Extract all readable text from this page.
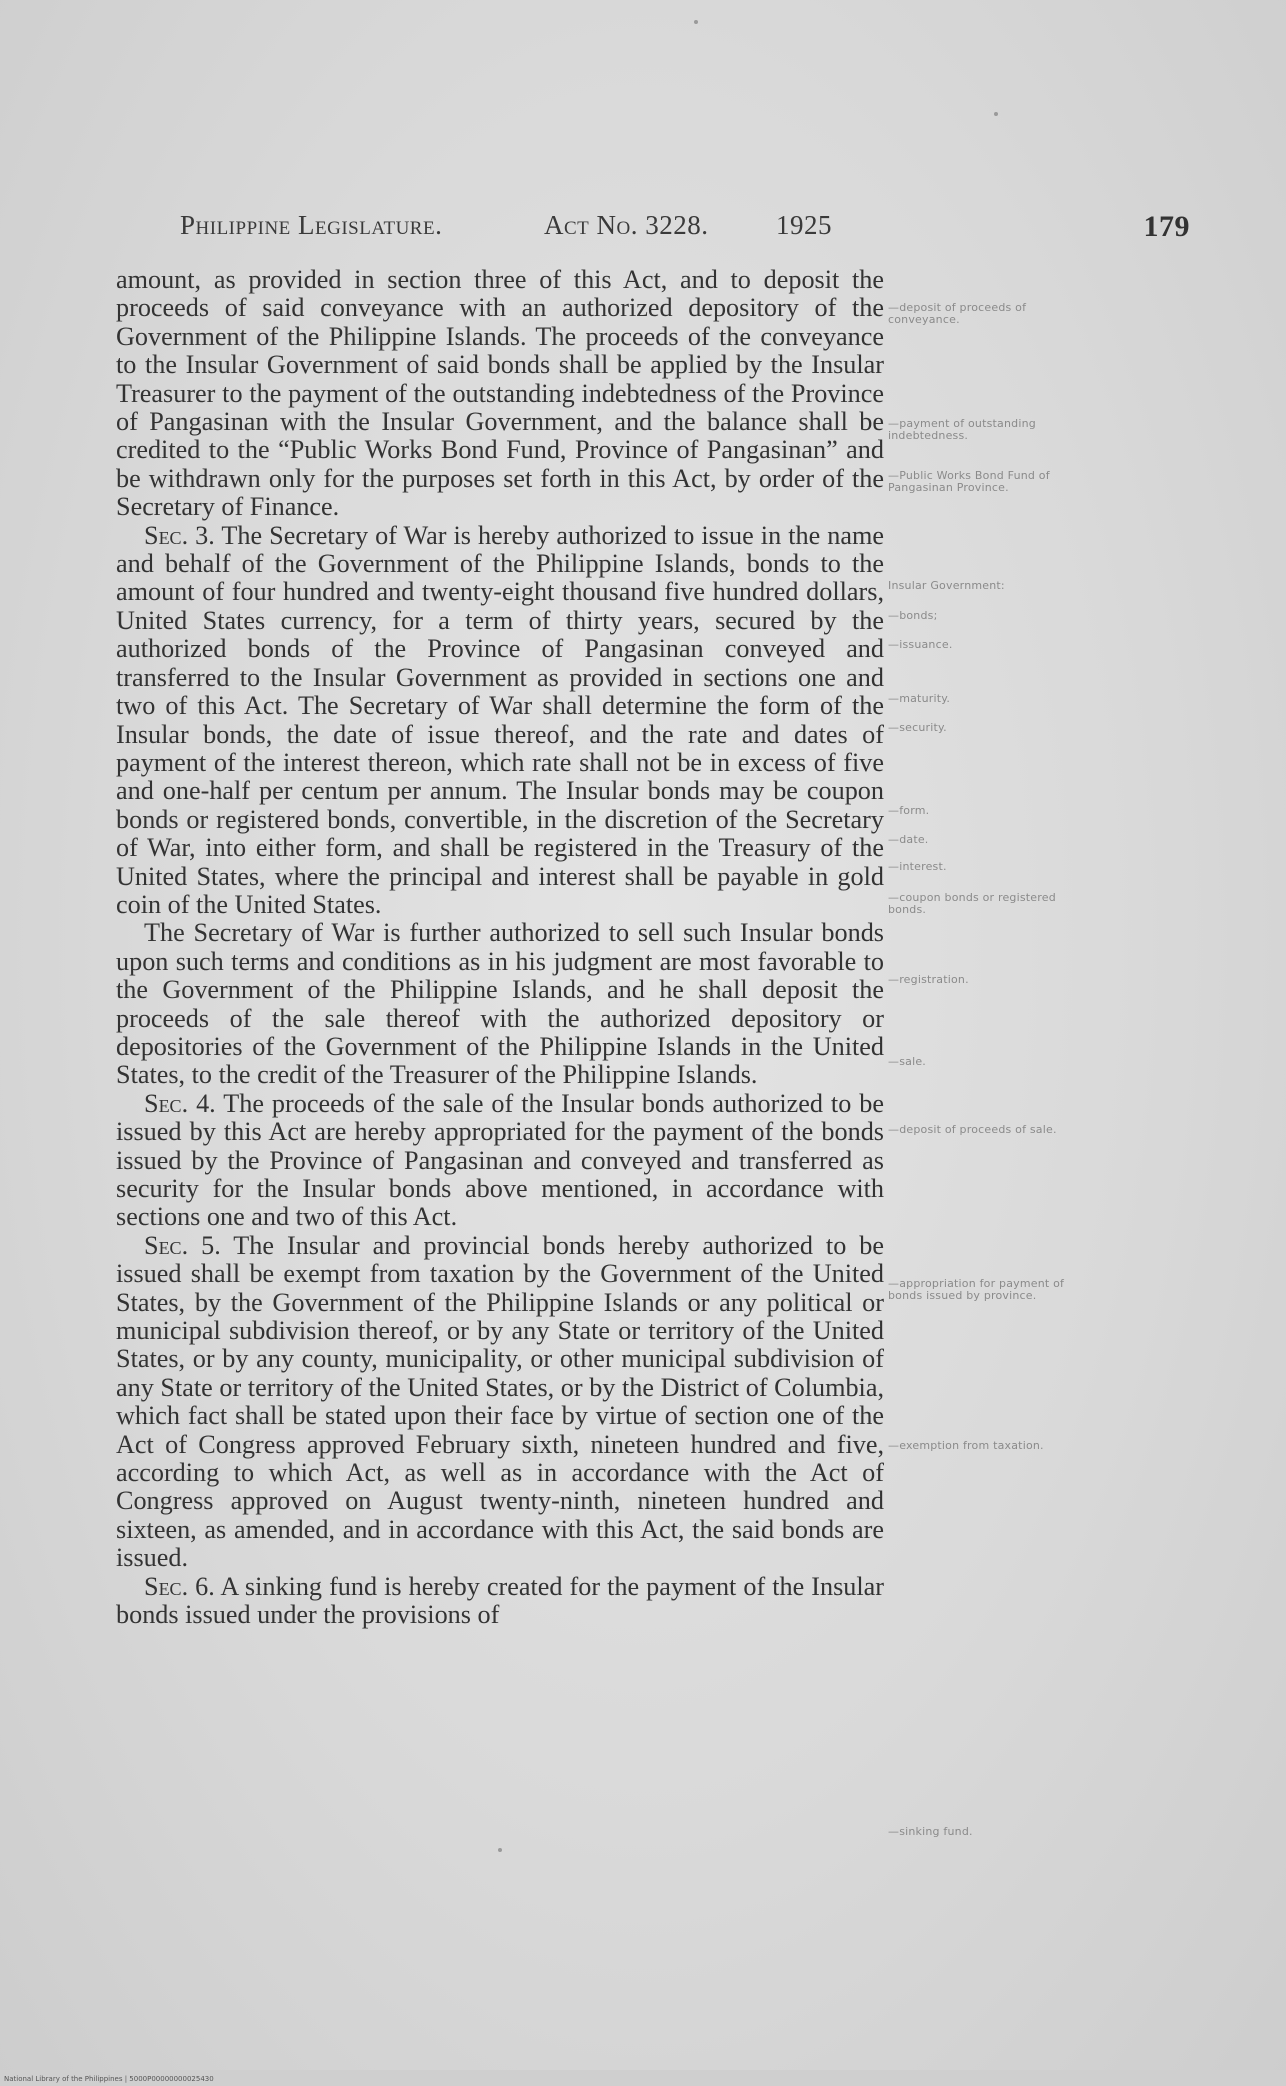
Philippine Legislature.	Act No. 3228.	1925	179

amount, as provided in section three of this Act, and to deposit the proceeds of said conveyance with an authorized depository of the Government of the Philippine Islands. The proceeds of the conveyance to the Insular Government of said bonds shall be applied by the Insular Treasurer to the payment of the outstanding indebtedness of the Province of Pangasinan with the Insular Government, and the balance shall be credited to the “Public Works Bond Fund, Province of Pangasinan” and be withdrawn only for the purposes set forth in this Act, by order of the Secretary of Finance.

Sec. 3. The Secretary of War is hereby authorized to issue in the name and behalf of the Government of the Philippine Islands, bonds to the amount of four hundred and twenty-eight thousand five hundred dollars, United States currency, for a term of thirty years, secured by the authorized bonds of the Province of Pangasinan conveyed and transferred to the Insular Government as provided in sections one and two of this Act. The Secretary of War shall determine the form of the Insular bonds, the date of issue thereof, and the rate and dates of payment of the interest thereon, which rate shall not be in excess of five and one-half per centum per annum. The Insular bonds may be coupon bonds or registered bonds, convertible, in the discretion of the Secretary of War, into either form, and shall be registered in the Treasury of the United States, where the principal and interest shall be payable in gold coin of the United States.

The Secretary of War is further authorized to sell such Insular bonds upon such terms and conditions as in his judgment are most favorable to the Government of the Philippine Islands, and he shall deposit the proceeds of the sale thereof with the authorized depository or depositories of the Government of the Philippine Islands in the United States, to the credit of the Treasurer of the Philippine Islands.

Sec. 4. The proceeds of the sale of the Insular bonds authorized to be issued by this Act are hereby appropriated for the payment of the bonds issued by the Province of Pangasinan and conveyed and transferred as security for the Insular bonds above mentioned, in accordance with sections one and two of this Act.

Sec. 5. The Insular and provincial bonds hereby authorized to be issued shall be exempt from taxation by the Government of the United States, by the Government of the Philippine Islands or any political or municipal subdivision thereof, or by any State or territory of the United States, or by any county, municipality, or other municipal subdivision of any State or territory of the United States, or by the District of Columbia, which fact shall be stated upon their face by virtue of section one of the Act of Congress approved February sixth, nineteen hundred and five, according to which Act, as well as in accordance with the Act of Congress approved on August twenty-ninth, nineteen hundred and sixteen, as amended, and in accordance with this Act, the said bonds are issued.

Sec. 6. A sinking fund is hereby created for the payment of the Insular bonds issued under the provisions of

—deposit of proceeds of conveyance.
—payment of outstanding indebtedness.
—Public Works Bond Fund of Pangasinan Province.
Insular Government:
—bonds;
—issuance.
—maturity.
—security.
—form.
—date.
—interest.
—coupon bonds or registered bonds.
—registration.
—sale.
—deposit of proceeds of sale.
—appropriation for payment of bonds issued by province.
—exemption from taxation.
—sinking fund.
National Library of the Philippines | 5000P00000000025430
